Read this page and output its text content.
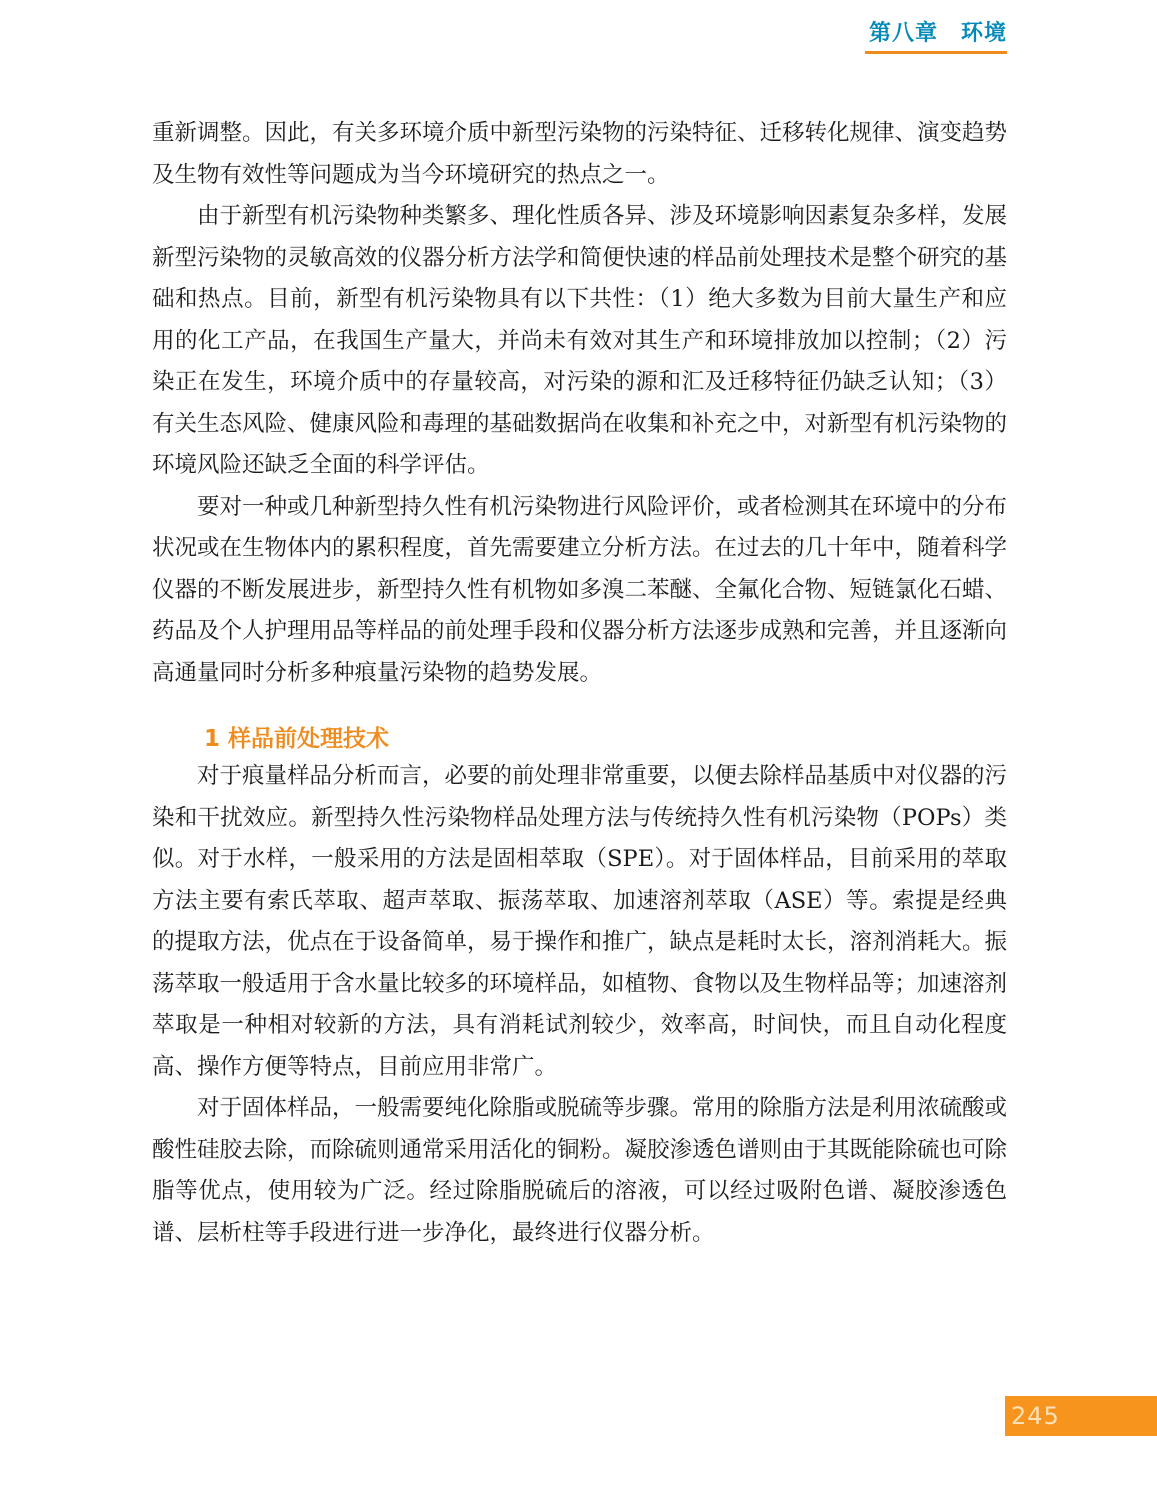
第八章　环境

重新调整。因此，有关多环境介质中新型污染物的污染特征、迁移转化规律、演变趋势及生物有效性等问题成为当今环境研究的热点之一。

由于新型有机污染物种类繁多、理化性质各异、涉及环境影响因素复杂多样，发展新型污染物的灵敏高效的仪器分析方法学和简便快速的样品前处理技术是整个研究的基础和热点。目前，新型有机污染物具有以下共性：（1）绝大多数为目前大量生产和应用的化工产品，在我国生产量大，并尚未有效对其生产和环境排放加以控制；（2）污染正在发生，环境介质中的存量较高，对污染的源和汇及迁移特征仍缺乏认知；（3）有关生态风险、健康风险和毒理的基础数据尚在收集和补充之中，对新型有机污染物的环境风险还缺乏全面的科学评估。

要对一种或几种新型持久性有机污染物进行风险评价，或者检测其在环境中的分布状况或在生物体内的累积程度，首先需要建立分析方法。在过去的几十年中，随着科学仪器的不断发展进步，新型持久性有机物如多溴二苯醚、全氟化合物、短链氯化石蜡、药品及个人护理用品等样品的前处理手段和仪器分析方法逐步成熟和完善，并且逐渐向高通量同时分析多种痕量污染物的趋势发展。

1 样品前处理技术

对于痕量样品分析而言，必要的前处理非常重要，以便去除样品基质中对仪器的污染和干扰效应。新型持久性污染物样品处理方法与传统持久性有机污染物（POPs）类似。对于水样，一般采用的方法是固相萃取（SPE）。对于固体样品，目前采用的萃取方法主要有索氏萃取、超声萃取、振荡萃取、加速溶剂萃取（ASE）等。索提是经典的提取方法，优点在于设备简单，易于操作和推广，缺点是耗时太长，溶剂消耗大。振荡萃取一般适用于含水量比较多的环境样品，如植物、食物以及生物样品等；加速溶剂萃取是一种相对较新的方法，具有消耗试剂较少，效率高，时间快，而且自动化程度高、操作方便等特点，目前应用非常广。

对于固体样品，一般需要纯化除脂或脱硫等步骤。常用的除脂方法是利用浓硫酸或酸性硅胶去除，而除硫则通常采用活化的铜粉。凝胶渗透色谱则由于其既能除硫也可除脂等优点，使用较为广泛。经过除脂脱硫后的溶液，可以经过吸附色谱、凝胶渗透色谱、层析柱等手段进行进一步净化，最终进行仪器分析。

245
